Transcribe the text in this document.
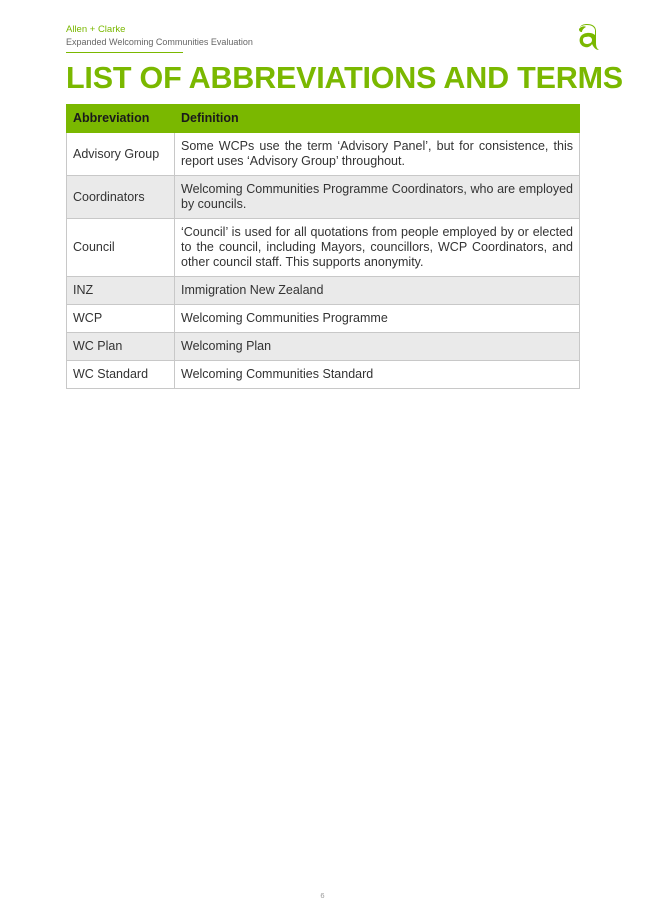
Allen + Clarke
Expanded Welcoming Communities Evaluation
LIST OF ABBREVIATIONS AND TERMS
Abbreviation	Definition
Advisory Group	Some WCPs use the term ‘Advisory Panel’, but for consistence, this report uses ‘Advisory Group’ throughout.
Coordinators	Welcoming Communities Programme Coordinators, who are employed by councils.
Council	‘Council’ is used for all quotations from people employed by or elected to the council, including Mayors, councillors, WCP Coordinators, and other council staff. This supports anonymity.
INZ	Immigration New Zealand
WCP	Welcoming Communities Programme
WC Plan	Welcoming Plan
WC Standard	Welcoming Communities Standard
6
